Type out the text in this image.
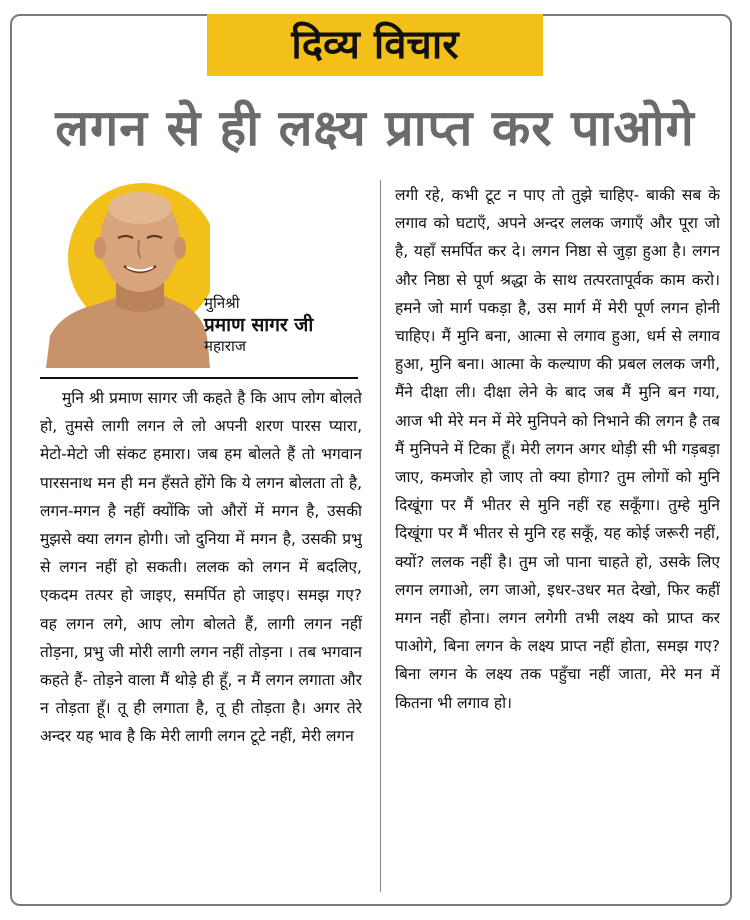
दिव्य विचार
लगन से ही लक्ष्य प्राप्त कर पाओगे
मुनिश्री
प्रमाण सागर जी
महाराज
मुनि श्री प्रमाण सागर जी कहते है कि आप लोग बोलते हो, तुमसे लागी लगन ले लो अपनी शरण पारस प्यारा, मेटो-मेटो जी संकट हमारा। जब हम बोलते हैं तो भगवान पारसनाथ मन ही मन हँसते होंगे कि ये लगन बोलता तो है, लगन-मगन है नहीं क्योंकि जो औरों में मगन है, उसकी मुझसे क्या लगन होगी। जो दुनिया में मगन है, उसकी प्रभु से लगन नहीं हो सकती। ललक को लगन में बदलिए, एकदम तत्पर हो जाइए, समर्पित हो जाइए। समझ गए? वह लगन लगे, आप लोग बोलते हैं, लागी लगन नहीं तोड़ना, प्रभु जी मोरी लागी लगन नहीं तोड़ना । तब भगवान कहते हैं- तोड़ने वाला मैं थोड़े ही हूँ, न मैं लगन लगाता और न तोड़ता हूँ। तू ही लगाता है, तू ही तोड़ता है। अगर तेरे अन्दर यह भाव है कि मेरी लागी लगन टूटे नहीं, मेरी लगन
लगी रहे, कभी टूट न पाए तो तुझे चाहिए- बाकी सब के लगाव को घटाएँ, अपने अन्दर ललक जगाएँ और पूरा जो है, यहाँ समर्पित कर दे। लगन निष्ठा से जुड़ा हुआ है। लगन और निष्ठा से पूर्ण श्रद्धा के साथ तत्परतापूर्वक काम करो। हमने जो मार्ग पकड़ा है, उस मार्ग में मेरी पूर्ण लगन होनी चाहिए। मैं मुनि बना, आत्मा से लगाव हुआ, धर्म से लगाव हुआ, मुनि बना। आत्मा के कल्याण की प्रबल ललक जगी, मैंने दीक्षा ली। दीक्षा लेने के बाद जब मैं मुनि बन गया, आज भी मेरे मन में मेरे मुनिपने को निभाने की लगन है तब मैं मुनिपने में टिका हूँ। मेरी लगन अगर थोड़ी सी भी गड़बड़ा जाए, कमजोर हो जाए तो क्या होगा? तुम लोगों को मुनि दिखूंगा पर मैं भीतर से मुनि नहीं रह सकूँगा। तुम्हे मुनि दिखूंगा पर मैं भीतर से मुनि रह सकूँ, यह कोई जरूरी नहीं, क्यों? ललक नहीं है। तुम जो पाना चाहते हो, उसके लिए लगन लगाओ, लग जाओ, इधर-उधर मत देखो, फिर कहीं मगन नहीं होना। लगन लगेगी तभी लक्ष्य को प्राप्त कर पाओगे, बिना लगन के लक्ष्य प्राप्त नहीं होता, समझ गए? बिना लगन के लक्ष्य तक पहुँचा नहीं जाता, मेरे मन में कितना भी लगाव हो।
